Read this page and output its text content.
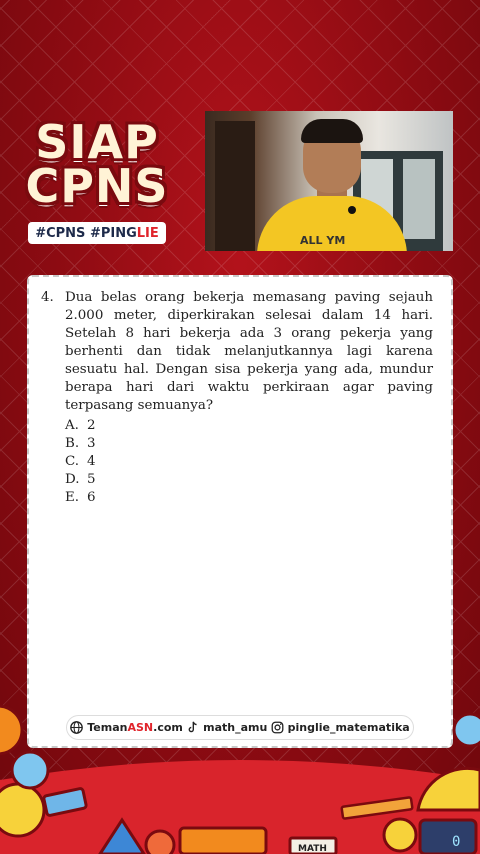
SIAP
CPNS
#CPNS
#PING LIE	ALL YM
4. Dua belas orang bekerja memasang paving sejauh 2.000 meter, diperkirakan selesai dalam 14 hari. Setelah 8 hari bekerja ada 3 orang pekerja yang berhenti dan tidak melanjutkannya lagi karena sesuatu hal. Dengan sisa pekerja yang ada, mundur berapa hari dari waktu perkiraan agar paving terpasang semuanya?
A. 2
B. 3
C. 4
D. 5
E. 6
TemanASN.com math_amu pinglie_matematika
MATH	0
